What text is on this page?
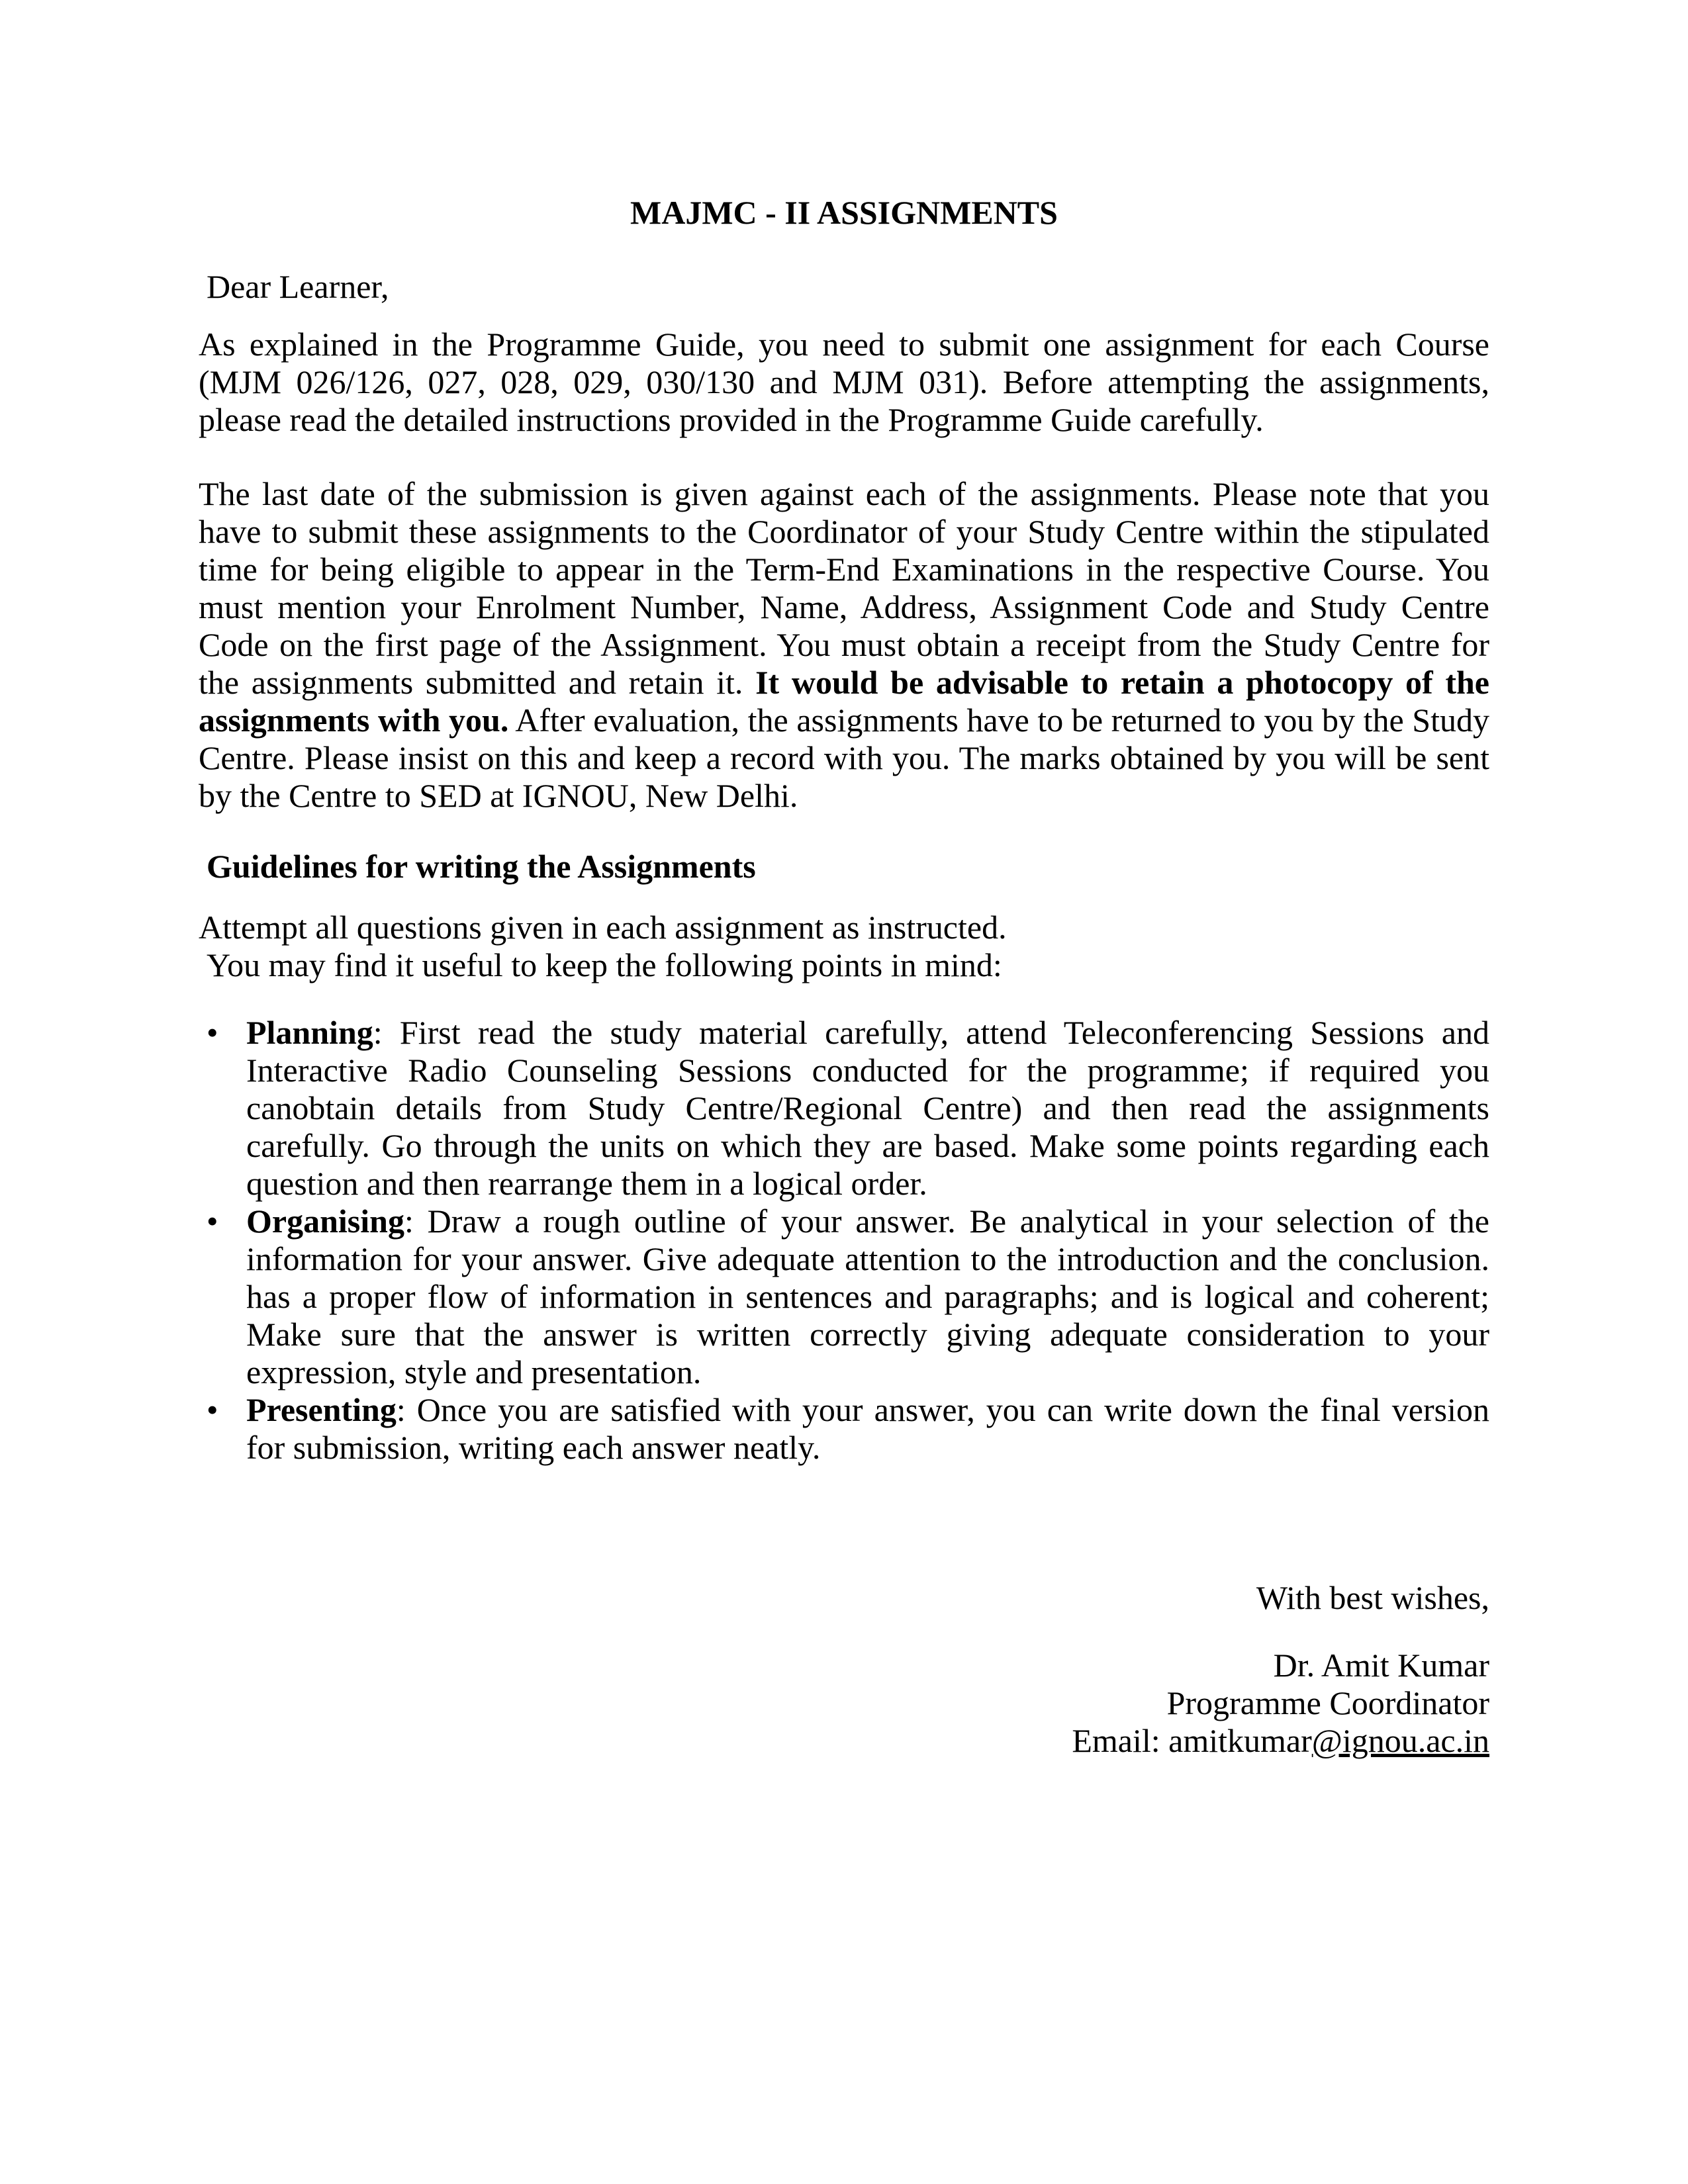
MAJMC - II ASSIGNMENTS

Dear Learner,

As explained in the Programme Guide, you need to submit one assignment for each Course (MJM 026/126, 027, 028, 029, 030/130 and MJM 031). Before attempting the assignments, please read the detailed instructions provided in the Programme Guide carefully.

The last date of the submission is given against each of the assignments. Please note that you have to submit these assignments to the Coordinator of your Study Centre within the stipulated time for being eligible to appear in the Term-End Examinations in the respective Course. You must mention your Enrolment Number, Name, Address, Assignment Code and Study Centre Code on the first page of the Assignment. You must obtain a receipt from the Study Centre for the assignments submitted and retain it. It would be advisable to retain a photocopy of the assignments with you. After evaluation, the assignments have to be returned to you by the Study Centre. Please insist on this and keep a record with you. The marks obtained by you will be sent by the Centre to SED at IGNOU, New Delhi.

Guidelines for writing the Assignments

Attempt all questions given in each assignment as instructed.

You may find it useful to keep the following points in mind:

• Planning: First read the study material carefully, attend Teleconferencing Sessions and Interactive Radio Counseling Sessions conducted for the programme; if required you canobtain details from Study Centre/Regional Centre) and then read the assignments carefully. Go through the units on which they are based. Make some points regarding each question and then rearrange them in a logical order.
• Organising: Draw a rough outline of your answer. Be analytical in your selection of the information for your answer. Give adequate attention to the introduction and the conclusion. has a proper flow of information in sentences and paragraphs; and is logical and coherent; Make sure that the answer is written correctly giving adequate consideration to your expression, style and presentation.
• Presenting: Once you are satisfied with your answer, you can write down the final version for submission, writing each answer neatly.

With best wishes,

Dr. Amit Kumar

Programme Coordinator

Email: amitkumar@ignou.ac.in
